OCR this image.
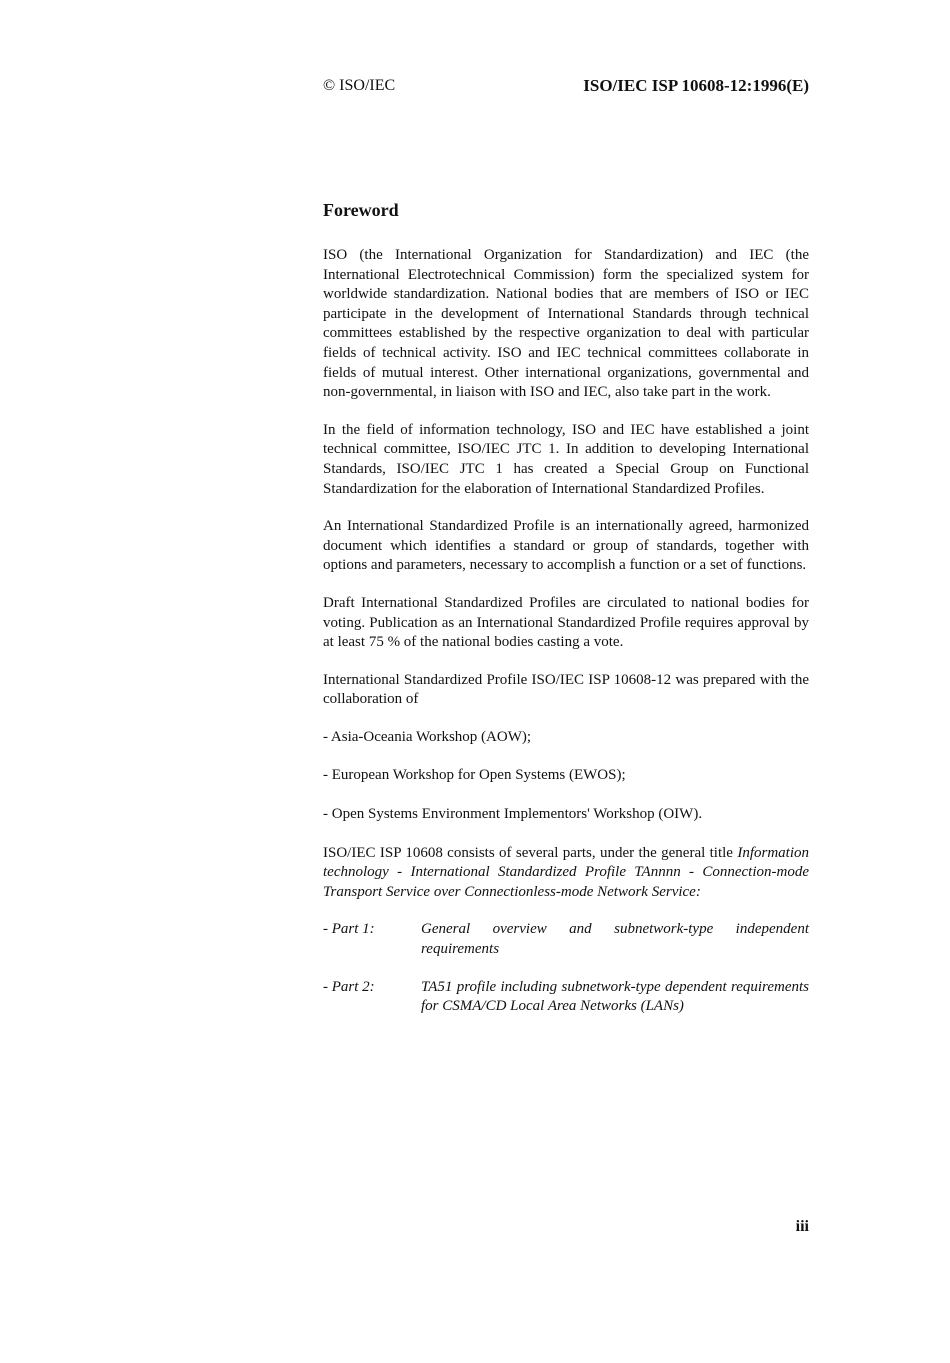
© ISO/IEC	ISO/IEC ISP 10608-12:1996(E)
Foreword

ISO (the International Organization for Standardization) and IEC (the International Electrotechnical Commission) form the specialized system for worldwide standardization. National bodies that are members of ISO or IEC participate in the development of International Standards through technical committees established by the respective organization to deal with particular fields of technical activity. ISO and IEC technical committees collaborate in fields of mutual interest. Other international organizations, governmental and non-governmental, in liaison with ISO and IEC, also take part in the work.

In the field of information technology, ISO and IEC have established a joint technical committee, ISO/IEC JTC 1. In addition to developing International Standards, ISO/IEC JTC 1 has created a Special Group on Functional Standardization for the elaboration of International Standardized Profiles.

An International Standardized Profile is an internationally agreed, harmonized document which identifies a standard or group of standards, together with options and parameters, necessary to accomplish a function or a set of functions.

Draft International Standardized Profiles are circulated to national bodies for voting. Publication as an International Standardized Profile requires approval by at least 75 % of the national bodies casting a vote.

International Standardized Profile ISO/IEC ISP 10608-12 was prepared with the collaboration of

- Asia-Oceania Workshop (AOW);
- European Workshop for Open Systems (EWOS);
- Open Systems Environment Implementors' Workshop (OIW).

ISO/IEC ISP 10608 consists of several parts, under the general title Information technology - International Standardized Profile TAnnnn - Connection-mode Transport Service over Connectionless-mode Network Service:

- Part 1:	General overview and subnetwork-type independent requirements
- Part 2:	TA51 profile including subnetwork-type dependent requirements for CSMA/CD Local Area Networks (LANs)
iii
